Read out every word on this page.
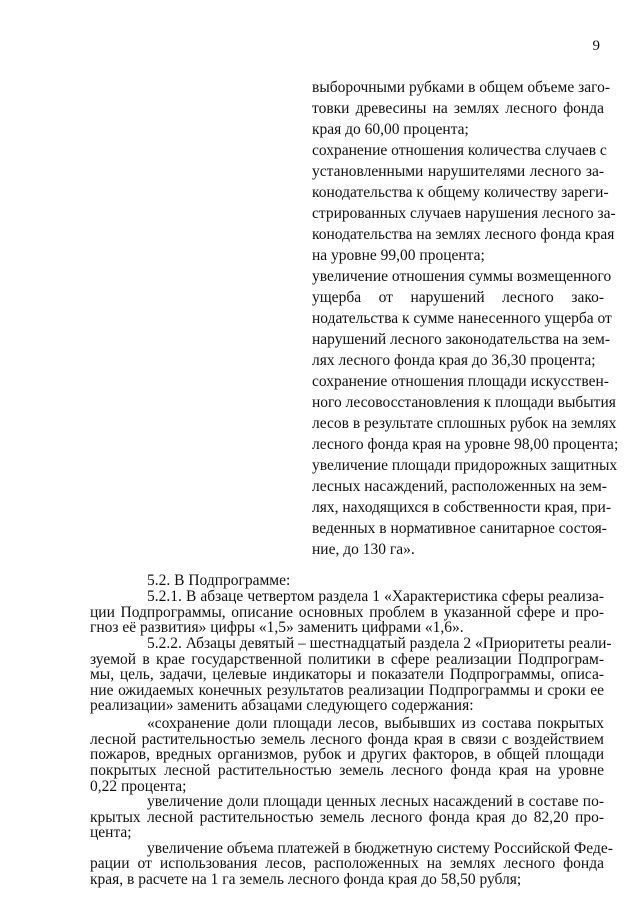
9
выборочными рубками в общем объеме заго-
товки древесины на землях лесного фонда
края до 60,00 процента;
сохранение отношения количества случаев с
установленными нарушителями лесного за-
конодательства к общему количеству зареги-
стрированных случаев нарушения лесного за-
конодательства на землях лесного фонда края
на уровне 99,00 процента;
увеличение отношения суммы возмещенного
ущерба от нарушений лесного зако-
нодательства к сумме нанесенного ущерба от
нарушений лесного законодательства на зем-
лях лесного фонда края до 36,30 процента;
сохранение отношения площади искусствен-
ного лесовосстановления к площади выбытия
лесов в результате сплошных рубок на землях
лесного фонда края на уровне 98,00 процента;
увеличение площади придорожных защитных
лесных насаждений, расположенных на зем-
лях, находящихся в собственности края, при-
веденных в нормативное санитарное состоя-
ние, до 130 га».
5.2. В Подпрограмме:
5.2.1. В абзаце четвертом раздела 1 «Характеристика сферы реализа-
ции Подпрограммы, описание основных проблем в указанной сфере и про-
гноз её развития» цифры «1,5» заменить цифрами «1,6».
5.2.2. Абзацы девятый – шестнадцатый раздела 2 «Приоритеты реали-
зуемой в крае государственной политики в сфере реализации Подпрограм-
мы, цель, задачи, целевые индикаторы и показатели Подпрограммы, описа-
ние ожидаемых конечных результатов реализации Подпрограммы и сроки ее
реализации» заменить абзацами следующего содержания:
«сохранение доли площади лесов, выбывших из состава покрытых
лесной растительностью земель лесного фонда края в связи с воздействием
пожаров, вредных организмов, рубок и других факторов, в общей площади
покрытых лесной растительностью земель лесного фонда края на уровне
0,22 процента;
увеличение доли площади ценных лесных насаждений в составе по-
крытых лесной растительностью земель лесного фонда края до 82,20 про-
цента;
увеличение объема платежей в бюджетную систему Российской Феде-
рации от использования лесов, расположенных на землях лесного фонда
края, в расчете на 1 га земель лесного фонда края до 58,50 рубля;
